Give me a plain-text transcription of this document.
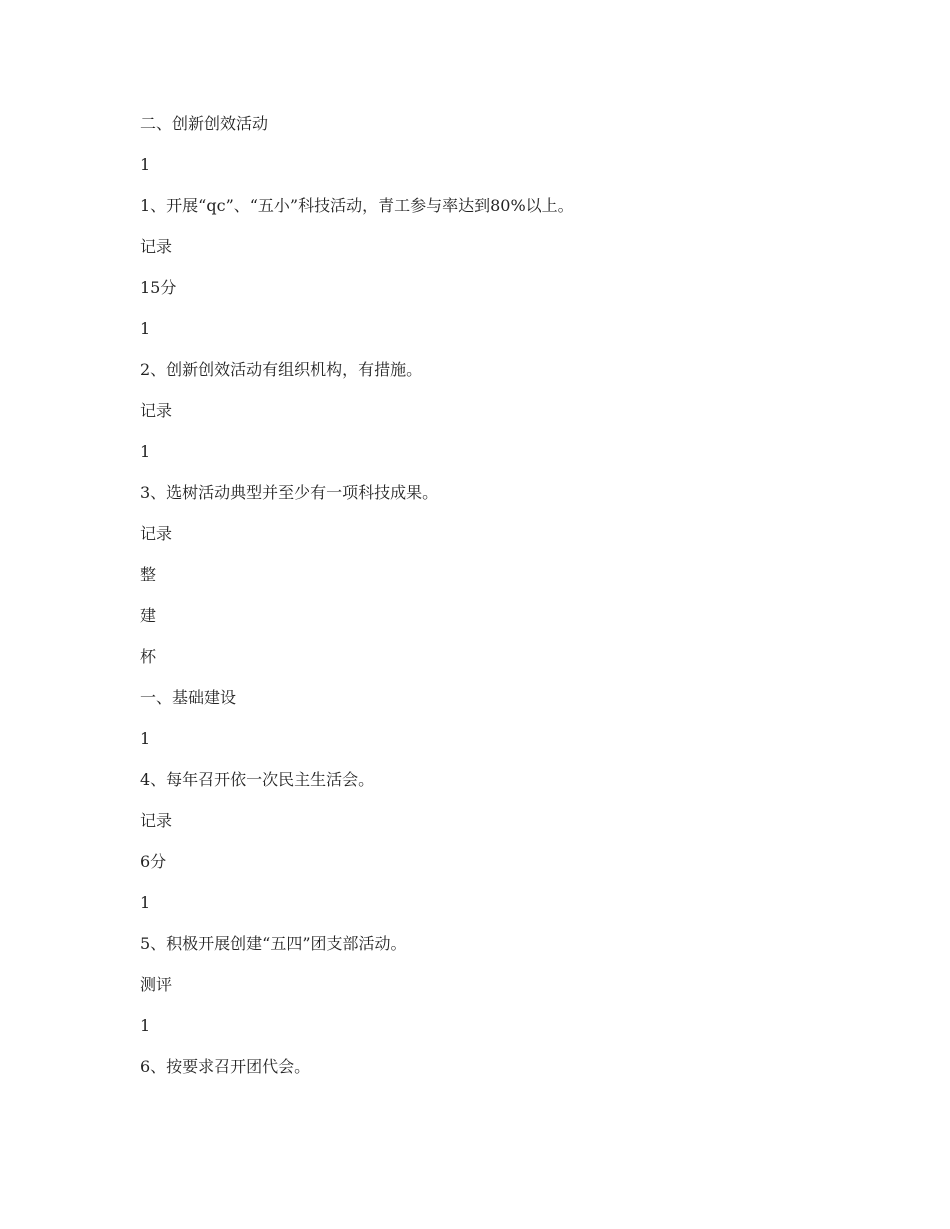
二、创新创效活动

1

1、开展“qc”、“五小”科技活动，青工参与率达到80%以上。

记录

15分

1

2、创新创效活动有组织机构，有措施。

记录

1

3、选树活动典型并至少有一项科技成果。

记录

整

建

杯

一、基础建设

1

4、每年召开依一次民主生活会。

记录

6分

1

5、积极开展创建“五四”团支部活动。

测评

1

6、按要求召开团代会。
